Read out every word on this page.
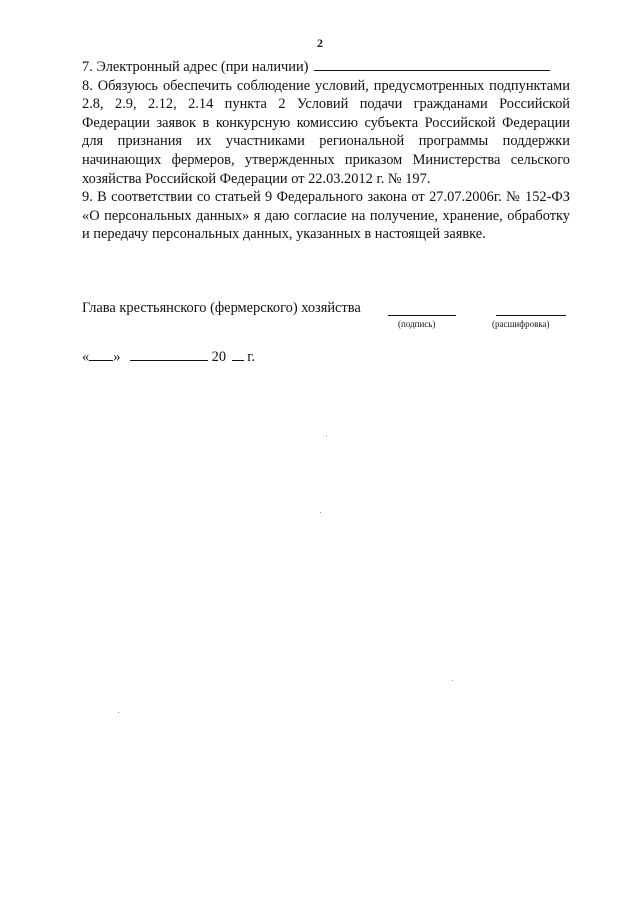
2
7. Электронный адрес (при наличии)
8. Обязуюсь обеспечить соблюдение условий, предусмотренных подпунктами 2.8, 2.9, 2.12, 2.14 пункта 2 Условий подачи гражданами Российской Федерации заявок в конкурсную комиссию субъекта Российской Федерации для признания их участниками региональной программы поддержки начинающих фермеров, утвержденных приказом Министерства сельского хозяйства Российской Федерации от 22.03.2012 г. № 197.
9. В соответствии со статьей 9 Федерального закона от 27.07.2006г. № 152-ФЗ «О персональных данных» я даю согласие на получение, хранение, обработку и передачу персональных данных, указанных в настоящей заявке.
Глава крестьянского (фермерского) хозяйства
(подпись)	(расшифровка)
« »	20 г.
